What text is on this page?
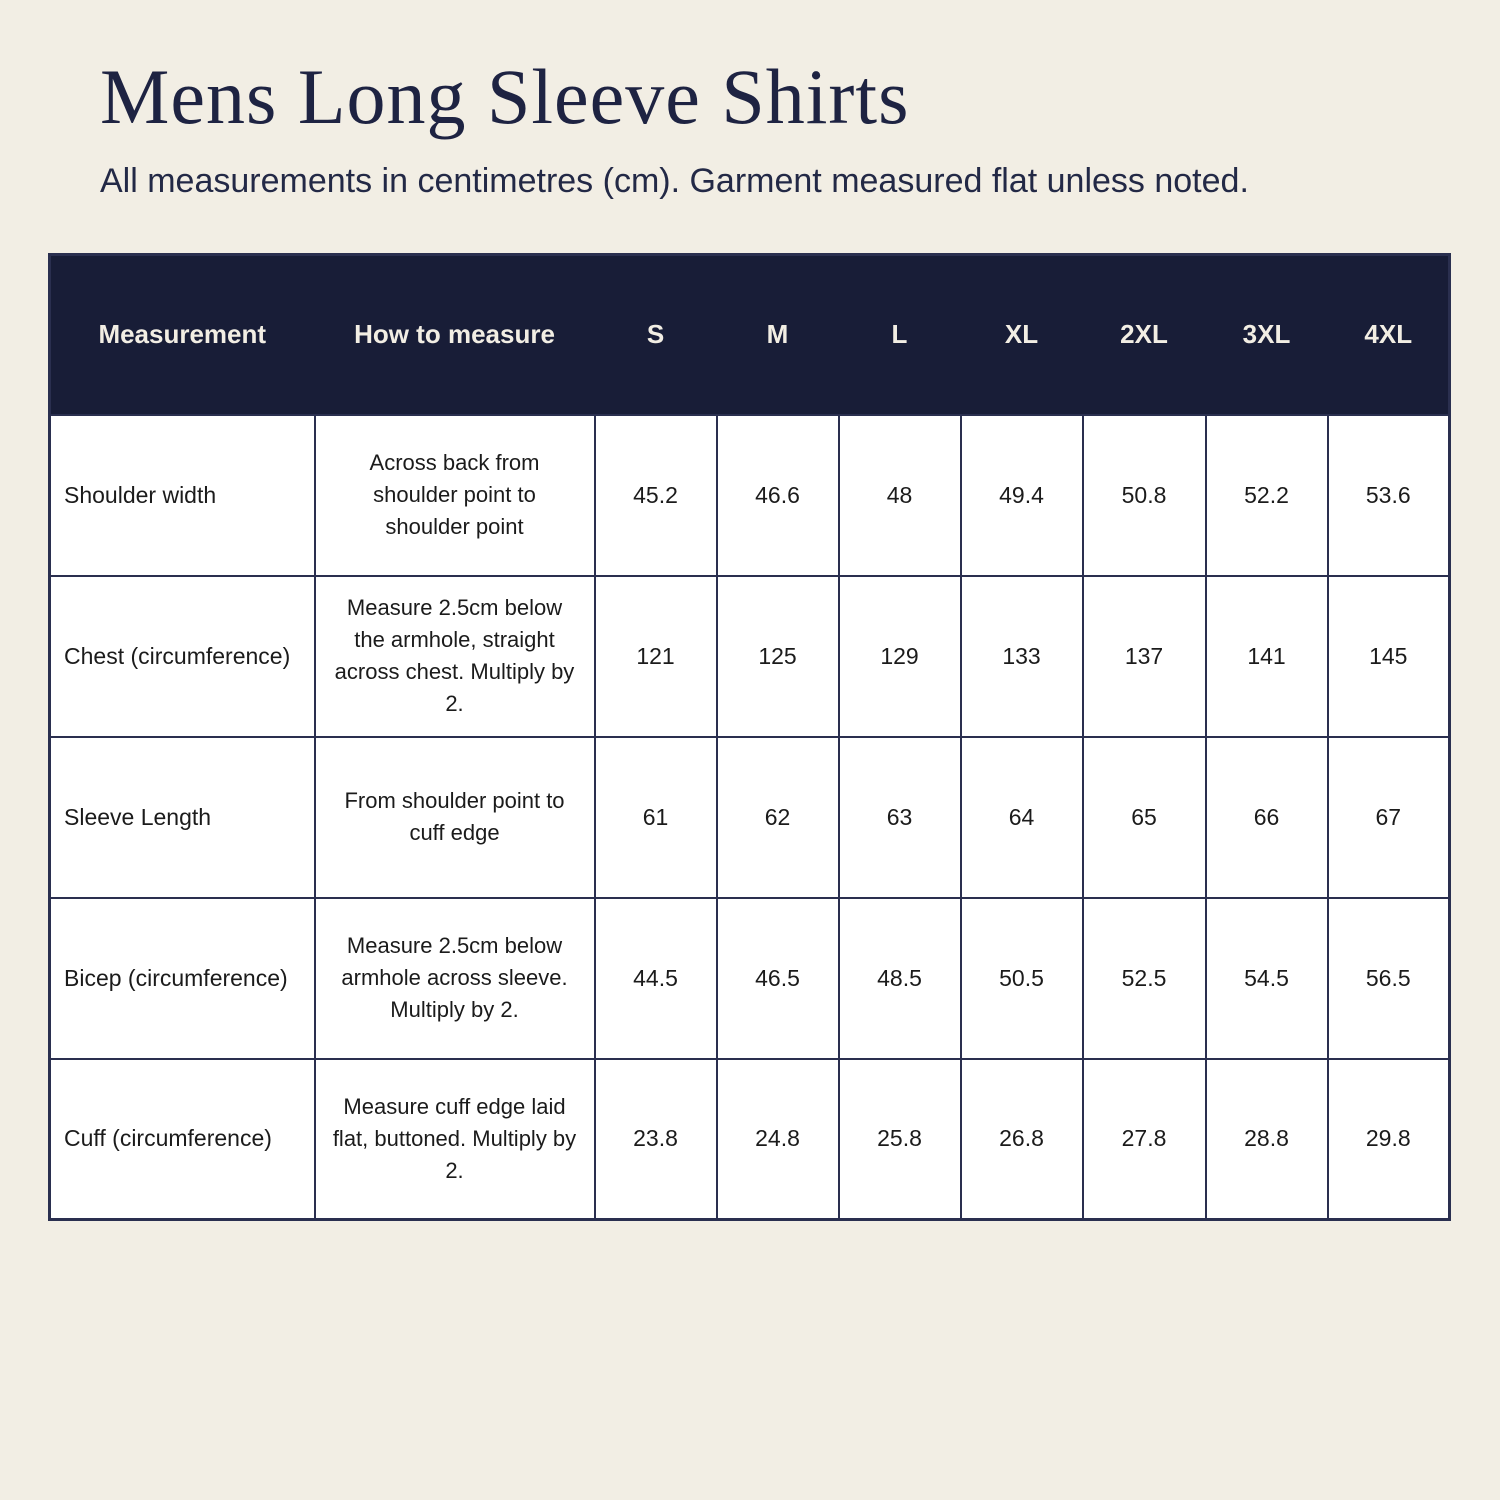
Mens Long Sleeve Shirts

All measurements in centimetres (cm). Garment measured flat unless noted.

Measurement	How to measure	S	M	L	XL	2XL	3XL	4XL
Shoulder width	Across back from shoulder point to shoulder point	45.2	46.6	48	49.4	50.8	52.2	53.6
Chest (circumference)	Measure 2.5cm below the armhole, straight across chest. Multiply by 2.	121	125	129	133	137	141	145
Sleeve Length	From shoulder point to cuff edge	61	62	63	64	65	66	67
Bicep (circumference)	Measure 2.5cm below armhole across sleeve. Multiply by 2.	44.5	46.5	48.5	50.5	52.5	54.5	56.5
Cuff (circumference)	Measure cuff edge laid flat, buttoned. Multiply by 2.	23.8	24.8	25.8	26.8	27.8	28.8	29.8
